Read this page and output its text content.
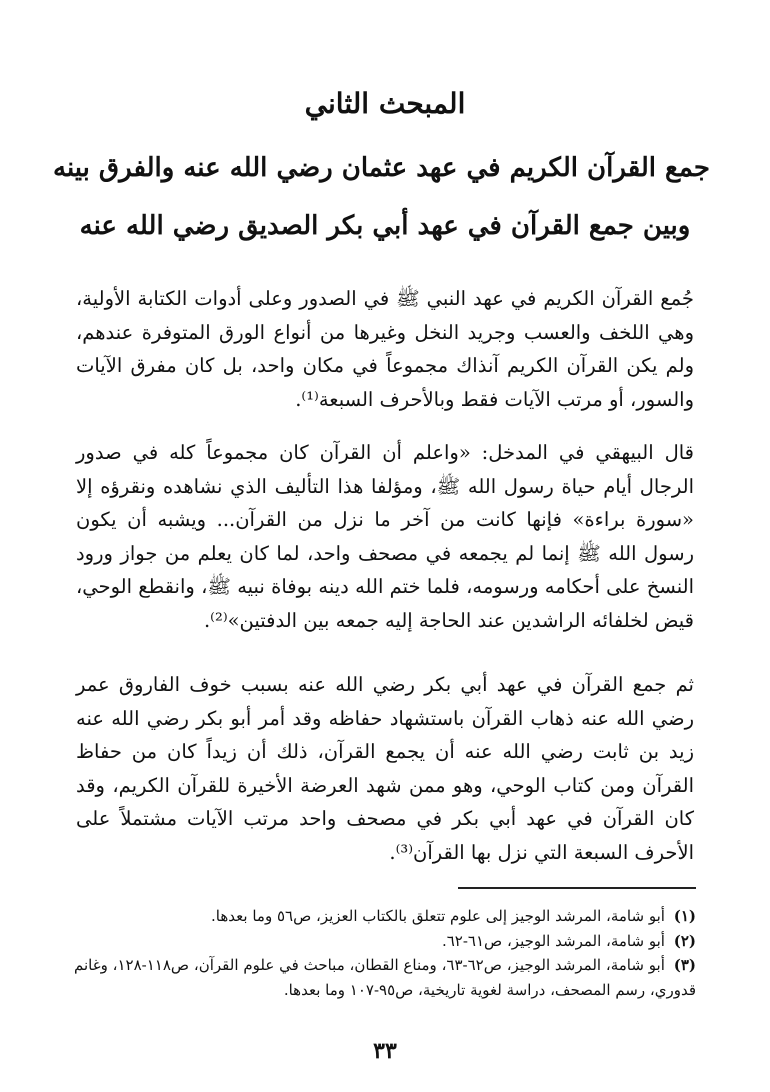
المبحث الثاني
جمع القرآن الكريم في عهد عثمان رضي الله عنه والفرق بينه
وبين جمع القرآن في عهد أبي بكر الصديق رضي الله عنه

جُمع القرآن الكريم في عهد النبي ﷺ في الصدور وعلى أدوات الكتابة الأولية، وهي اللخف والعسب وجريد النخل وغيرها من أنواع الورق المتوفرة عندهم، ولم يكن القرآن الكريم آنذاك مجموعاً في مكان واحد، بل كان مفرق الآيات والسور، أو مرتب الآيات فقط وبالأحرف السبعة⁽¹⁾.

قال البيهقي في المدخل: «واعلم أن القرآن كان مجموعاً كله في صدور الرجال أيام حياة رسول الله ﷺ، ومؤلفا هذا التأليف الذي نشاهده ونقرؤه إلا «سورة براءة» فإنها كانت من آخر ما نزل من القرآن... ويشبه أن يكون رسول الله ﷺ إنما لم يجمعه في مصحف واحد، لما كان يعلم من جواز ورود النسخ على أحكامه ورسومه، فلما ختم الله دينه بوفاة نبيه ﷺ، وانقطع الوحي، قيض لخلفائه الراشدين عند الحاجة إليه جمعه بين الدفتين»⁽²⁾.

ثم جمع القرآن في عهد أبي بكر رضي الله عنه بسبب خوف الفاروق عمر رضي الله عنه ذهاب القرآن باستشهاد حفاظه وقد أمر أبو بكر رضي الله عنه زيد بن ثابت رضي الله عنه أن يجمع القرآن، ذلك أن زيداً كان من حفاظ القرآن ومن كتاب الوحي، وهو ممن شهد العرضة الأخيرة للقرآن الكريم، وقد كان القرآن في عهد أبي بكر في مصحف واحد مرتب الآيات مشتملاً على الأحرف السبعة التي نزل بها القرآن⁽³⁾.

(١) أبو شامة، المرشد الوجيز إلى علوم تتعلق بالكتاب العزيز، ص٥٦ وما بعدها.
(٢) أبو شامة، المرشد الوجيز، ص٦١-٦٢.
(٣) أبو شامة، المرشد الوجيز، ص٦٢-٦٣، ومناع القطان، مباحث في علوم القرآن، ص١١٨-١٢٨، وغانم قدوري، رسم المصحف، دراسة لغوية تاريخية، ص٩٥-١٠٧ وما بعدها.
٣٣
